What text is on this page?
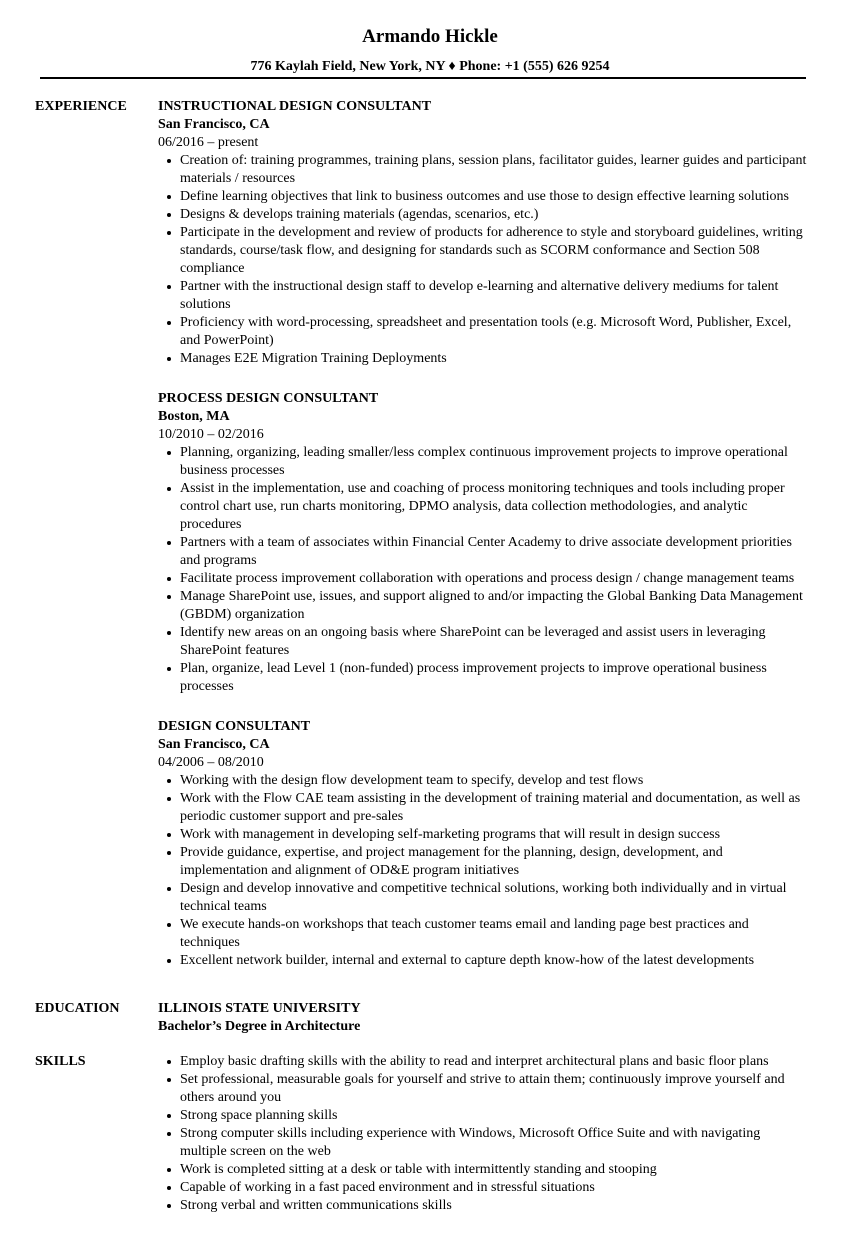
Armando Hickle
776 Kaylah Field, New York, NY ♦ Phone: +1 (555) 626 9254
EXPERIENCE	INSTRUCTIONAL DESIGN CONSULTANT
San Francisco, CA
06/2016 – present
Creation of: training programmes, training plans, session plans, facilitator guides, learner guides and participant materials / resources
Define learning objectives that link to business outcomes and use those to design effective learning solutions
Designs & develops training materials (agendas, scenarios, etc.)
Participate in the development and review of products for adherence to style and storyboard guidelines, writing standards, course/task flow, and designing for standards such as SCORM conformance and Section 508 compliance
Partner with the instructional design staff to develop e-learning and alternative delivery mediums for talent solutions
Proficiency with word-processing, spreadsheet and presentation tools (e.g. Microsoft Word, Publisher, Excel, and PowerPoint)
Manages E2E Migration Training Deployments
PROCESS DESIGN CONSULTANT
Boston, MA
10/2010 – 02/2016
Planning, organizing, leading smaller/less complex continuous improvement projects to improve operational business processes
Assist in the implementation, use and coaching of process monitoring techniques and tools including proper control chart use, run charts monitoring, DPMO analysis, data collection methodologies, and analytic procedures
Partners with a team of associates within Financial Center Academy to drive associate development priorities and programs
Facilitate process improvement collaboration with operations and process design / change management teams
Manage SharePoint use, issues, and support aligned to and/or impacting the Global Banking Data Management (GBDM) organization
Identify new areas on an ongoing basis where SharePoint can be leveraged and assist users in leveraging SharePoint features
Plan, organize, lead Level 1 (non-funded) process improvement projects to improve operational business processes
DESIGN CONSULTANT
San Francisco, CA
04/2006 – 08/2010
Working with the design flow development team to specify, develop and test flows
Work with the Flow CAE team assisting in the development of training material and documentation, as well as periodic customer support and pre-sales
Work with management in developing self-marketing programs that will result in design success
Provide guidance, expertise, and project management for the planning, design, development, and implementation and alignment of OD&E program initiatives
Design and develop innovative and competitive technical solutions, working both individually and in virtual technical teams
We execute hands-on workshops that teach customer teams email and landing page best practices and techniques
Excellent network builder, internal and external to capture depth know-how of the latest developments
EDUCATION	ILLINOIS STATE UNIVERSITY
Bachelor’s Degree in Architecture
SKILLS	Employ basic drafting skills with the ability to read and interpret architectural plans and basic floor plans
Set professional, measurable goals for yourself and strive to attain them; continuously improve yourself and others around you
Strong space planning skills
Strong computer skills including experience with Windows, Microsoft Office Suite and with navigating multiple screen on the web
Work is completed sitting at a desk or table with intermittently standing and stooping
Capable of working in a fast paced environment and in stressful situations
Strong verbal and written communications skills
